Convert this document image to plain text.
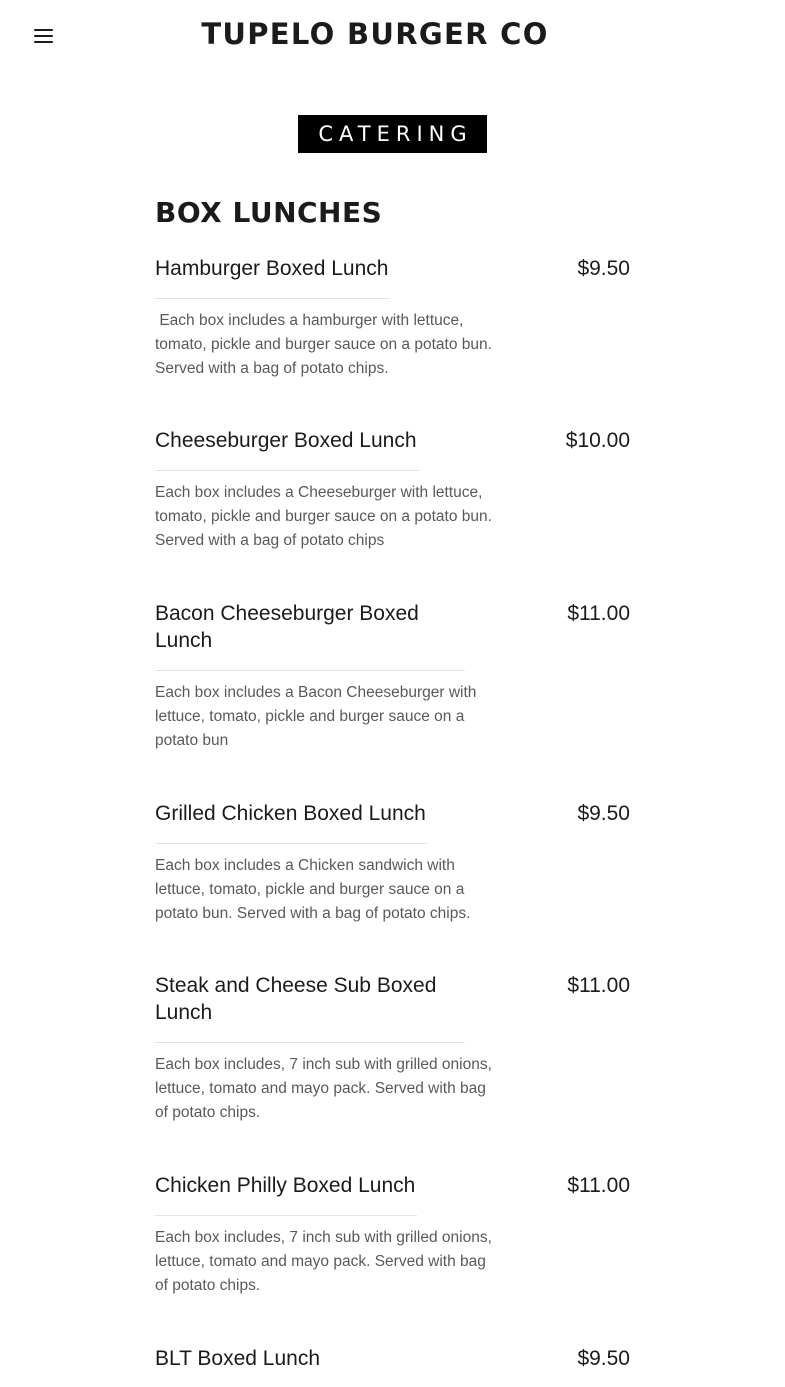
TUPELO BURGER CO
CATERING
BOX LUNCHES
Hamburger Boxed Lunch	$9.50
Each box includes a hamburger with lettuce, tomato, pickle and burger sauce on a potato bun. Served with a bag of potato chips.
Cheeseburger Boxed Lunch	$10.00
Each box includes a Cheeseburger with lettuce, tomato, pickle and burger sauce on a potato bun. Served with a bag of potato chips
Bacon Cheeseburger Boxed Lunch
$11.00
Each box includes a Bacon Cheeseburger with lettuce, tomato, pickle and burger sauce on a potato bun
Grilled Chicken Boxed Lunch	$9.50
Each box includes a Chicken sandwich with lettuce, tomato, pickle and burger sauce on a potato bun. Served with a bag of potato chips.
Steak and Cheese Sub Boxed Lunch
$11.00
Each box includes, 7 inch sub with grilled onions, lettuce, tomato and mayo pack. Served with bag of potato chips.
Chicken Philly Boxed Lunch	$11.00
Each box includes, 7 inch sub with grilled onions, lettuce, tomato and mayo pack. Served with bag of potato chips.
BLT Boxed Lunch	$9.50
